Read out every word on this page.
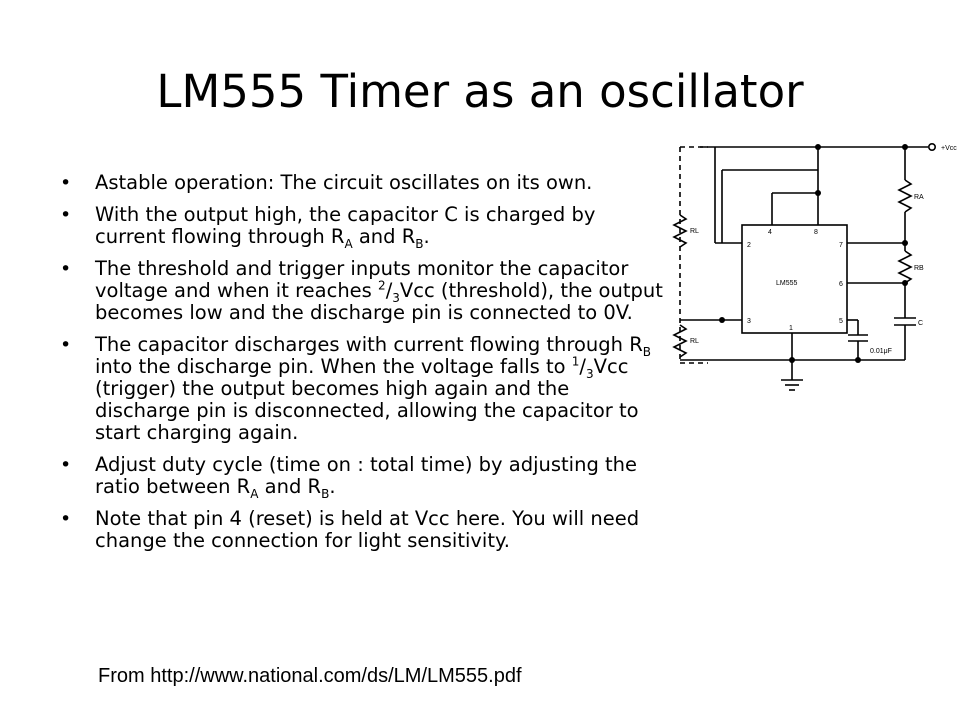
LM555 Timer as an oscillator
• Astable operation: The circuit oscillates on its own.
• With the output high, the capacitor C is charged by current flowing through $R_A$ and $R_B$.
• The threshold and trigger inputs monitor the capacitor voltage and when it reaches $^2/_3Vcc$ (threshold), the output becomes low and the discharge pin is connected to 0V.
• The capacitor discharges with current flowing through $R_B$ into the discharge pin. When the voltage falls to $^1/_3Vcc$ (trigger) the output becomes high again and the discharge pin is disconnected, allowing the capacitor to start charging again.
• Adjust duty cycle (time on : total time) by adjusting the ratio between $R_A$ and $R_B$.
• Note that pin 4 (reset) is held at Vcc here. You will need change the connection for light sensitivity.
+Vcc
RA
RB
C
0.01μF
RL
RL
LM555
4	8
2
3
7
6
5
1
From http://www.national.com/ds/LM/LM555.pdf
